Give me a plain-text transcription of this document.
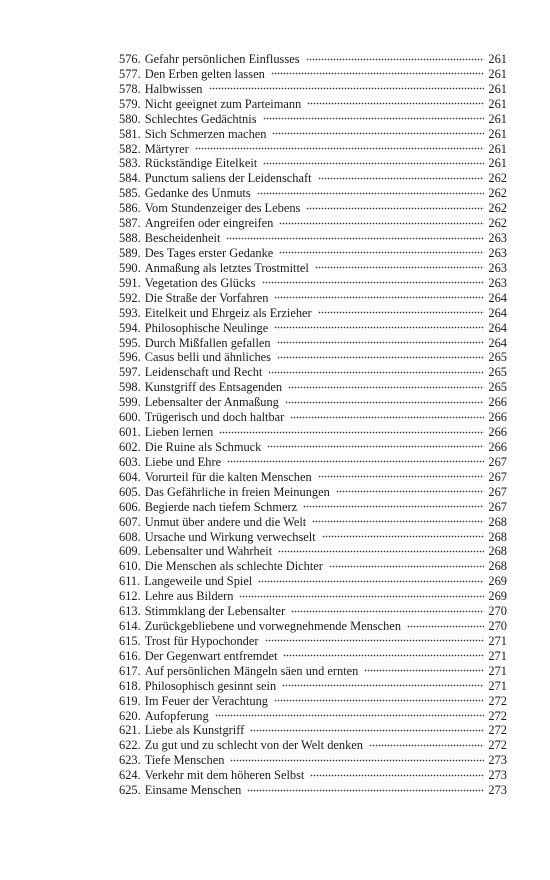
576. Gefahr persönlichen Einflusses	261
577. Den Erben gelten lassen	261
578. Halbwissen	261
579. Nicht geeignet zum Parteimann	261
580. Schlechtes Gedächtnis	261
581. Sich Schmerzen machen	261
582. Märtyrer	261
583. Rückständige Eitelkeit	261
584. Punctum saliens der Leidenschaft	262
585. Gedanke des Unmuts	262
586. Vom Stundenzeiger des Lebens	262
587. Angreifen oder eingreifen	262
588. Bescheidenheit	263
589. Des Tages erster Gedanke	263
590. Anmaßung als letztes Trostmittel	263
591. Vegetation des Glücks	263
592. Die Straße der Vorfahren	264
593. Eitelkeit und Ehrgeiz als Erzieher	264
594. Philosophische Neulinge	264
595. Durch Mißfallen gefallen	264
596. Casus belli und ähnliches	265
597. Leidenschaft und Recht	265
598. Kunstgriff des Entsagenden	265
599. Lebensalter der Anmaßung	266
600. Trügerisch und doch haltbar	266
601. Lieben lernen	266
602. Die Ruine als Schmuck	266
603. Liebe und Ehre	267
604. Vorurteil für die kalten Menschen	267
605. Das Gefährliche in freien Meinungen	267
606. Begierde nach tiefem Schmerz	267
607. Unmut über andere und die Welt	268
608. Ursache und Wirkung verwechselt	268
609. Lebensalter und Wahrheit	268
610. Die Menschen als schlechte Dichter	268
611. Langeweile und Spiel	269
612. Lehre aus Bildern	269
613. Stimmklang der Lebensalter	270
614. Zurückgebliebene und vorwegnehmende Menschen	270
615. Trost für Hypochonder	271
616. Der Gegenwart entfremdet	271
617. Auf persönlichen Mängeln säen und ernten	271
618. Philosophisch gesinnt sein	271
619. Im Feuer der Verachtung	272
620. Aufopferung	272
621. Liebe als Kunstgriff	272
622. Zu gut und zu schlecht von der Welt denken	272
623. Tiefe Menschen	273
624. Verkehr mit dem höheren Selbst	273
625. Einsame Menschen	273
